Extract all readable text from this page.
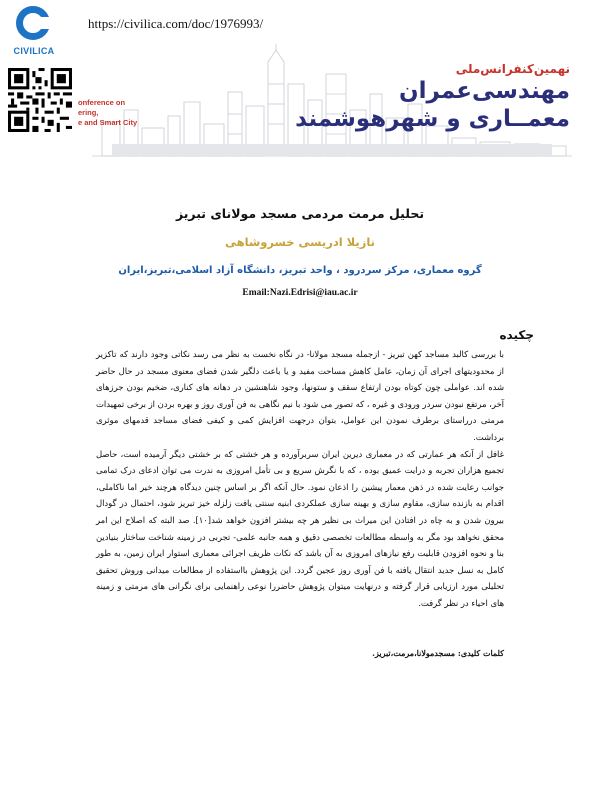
CIVILICA
https://civilica.com/doc/1976993/
onference on
ering,
e and Smart City
نهمین‌کنفرانس‌ملی
مهندسی‌عمران
معمــاری و شهرهوشمند
تحلیل مرمت مردمی مسجد مولانای تبریز
نازیلا ادریسی خسروشاهی
گروه معماری، مرکز سردرود ، واحد تبریز، دانشگاه آزاد اسلامی،تبریز،ایران
Email:Nazi.Edrisi@iau.ac.ir
چکیده

با بررسی کالبد مساجد کهن تبریز - ازجمله مسجد مولانا- در نگاه نخست به نظر می رسد نکاتی وجود دارند که تاکزیر از محدودیتهای اجرای آن زمان، عامل کاهش مساحت مفید و یا باعث دلگیر شدن فضای معنوی مسجد در حال حاضر شده اند. عواملی چون کوتاه بودن ارتفاع سقف و ستونها، وجود شاهنشین در دهانه های کناری، ضخیم بودن جرزهای آخر، مرتفع نبودن سردر ورودی و غیره ، که تصور می شود با نیم نگاهی به فن آوری روز و بهره بردن از برخی تمهیدات مرمتی درراستای برطرف نمودن این عوامل، بتوان درجهت افزایش کمی و کیفی فضای مساجد قدمهای موثری برداشت.

غافل از آنکه هر عمارتی که در معماری دیرین ایران سربرآورده و هر خشتی که بر خشتی دیگر آرمیده است، حاصل تجمیع هزاران تجربه و درایت عمیق بوده ، که با نگرش سریع و بی تأمل امروزی به ندرت می توان ادعای درک تمامی جوانب رعایت شده در ذهن معمار پیشین را اذعان نمود. حال آنکه اگر بر اساس چنین دیدگاه هرچند خیر اما ناکاملی، اقدام به بازنده سازی، مقاوم سازی و بهینه سازی عملکردی ابنیه سنتی یافت زلزله خیز تبریز شود، احتمال در گودال بیرون شدن و به چاه در افتادن این میراث بی نظیر هر چه بیشتر افزون خواهد شد[۱۰]. صد البته که اصلاح این امر محقق نخواهد بود مگر به واسطه مطالعات تخصصی دقیق و همه جانبه علمی- تجربی در زمینه شناخت ساختار بنیادین بنا و نحوه افزودن قابلیت رفع نیازهای امروزی به آن باشد که نکات ظریف اجرائی معماری استوار ایران زمین، به طور کامل به نسل جدید انتقال یافته با فن آوری روز عجین گردد. این پژوهش بااستفاده از مطالعات میدانی وروش تحقیق تحلیلی مورد ارزیابی قرار گرفته و درنهایت میتوان پژوهش حاضررا نوعی راهنمایی برای نگرانی های مرمتی و زمینه های احیاء در نظر گرفت.

کلمات کلیدی: مسجدمولانا،مرمت،تبریز.
